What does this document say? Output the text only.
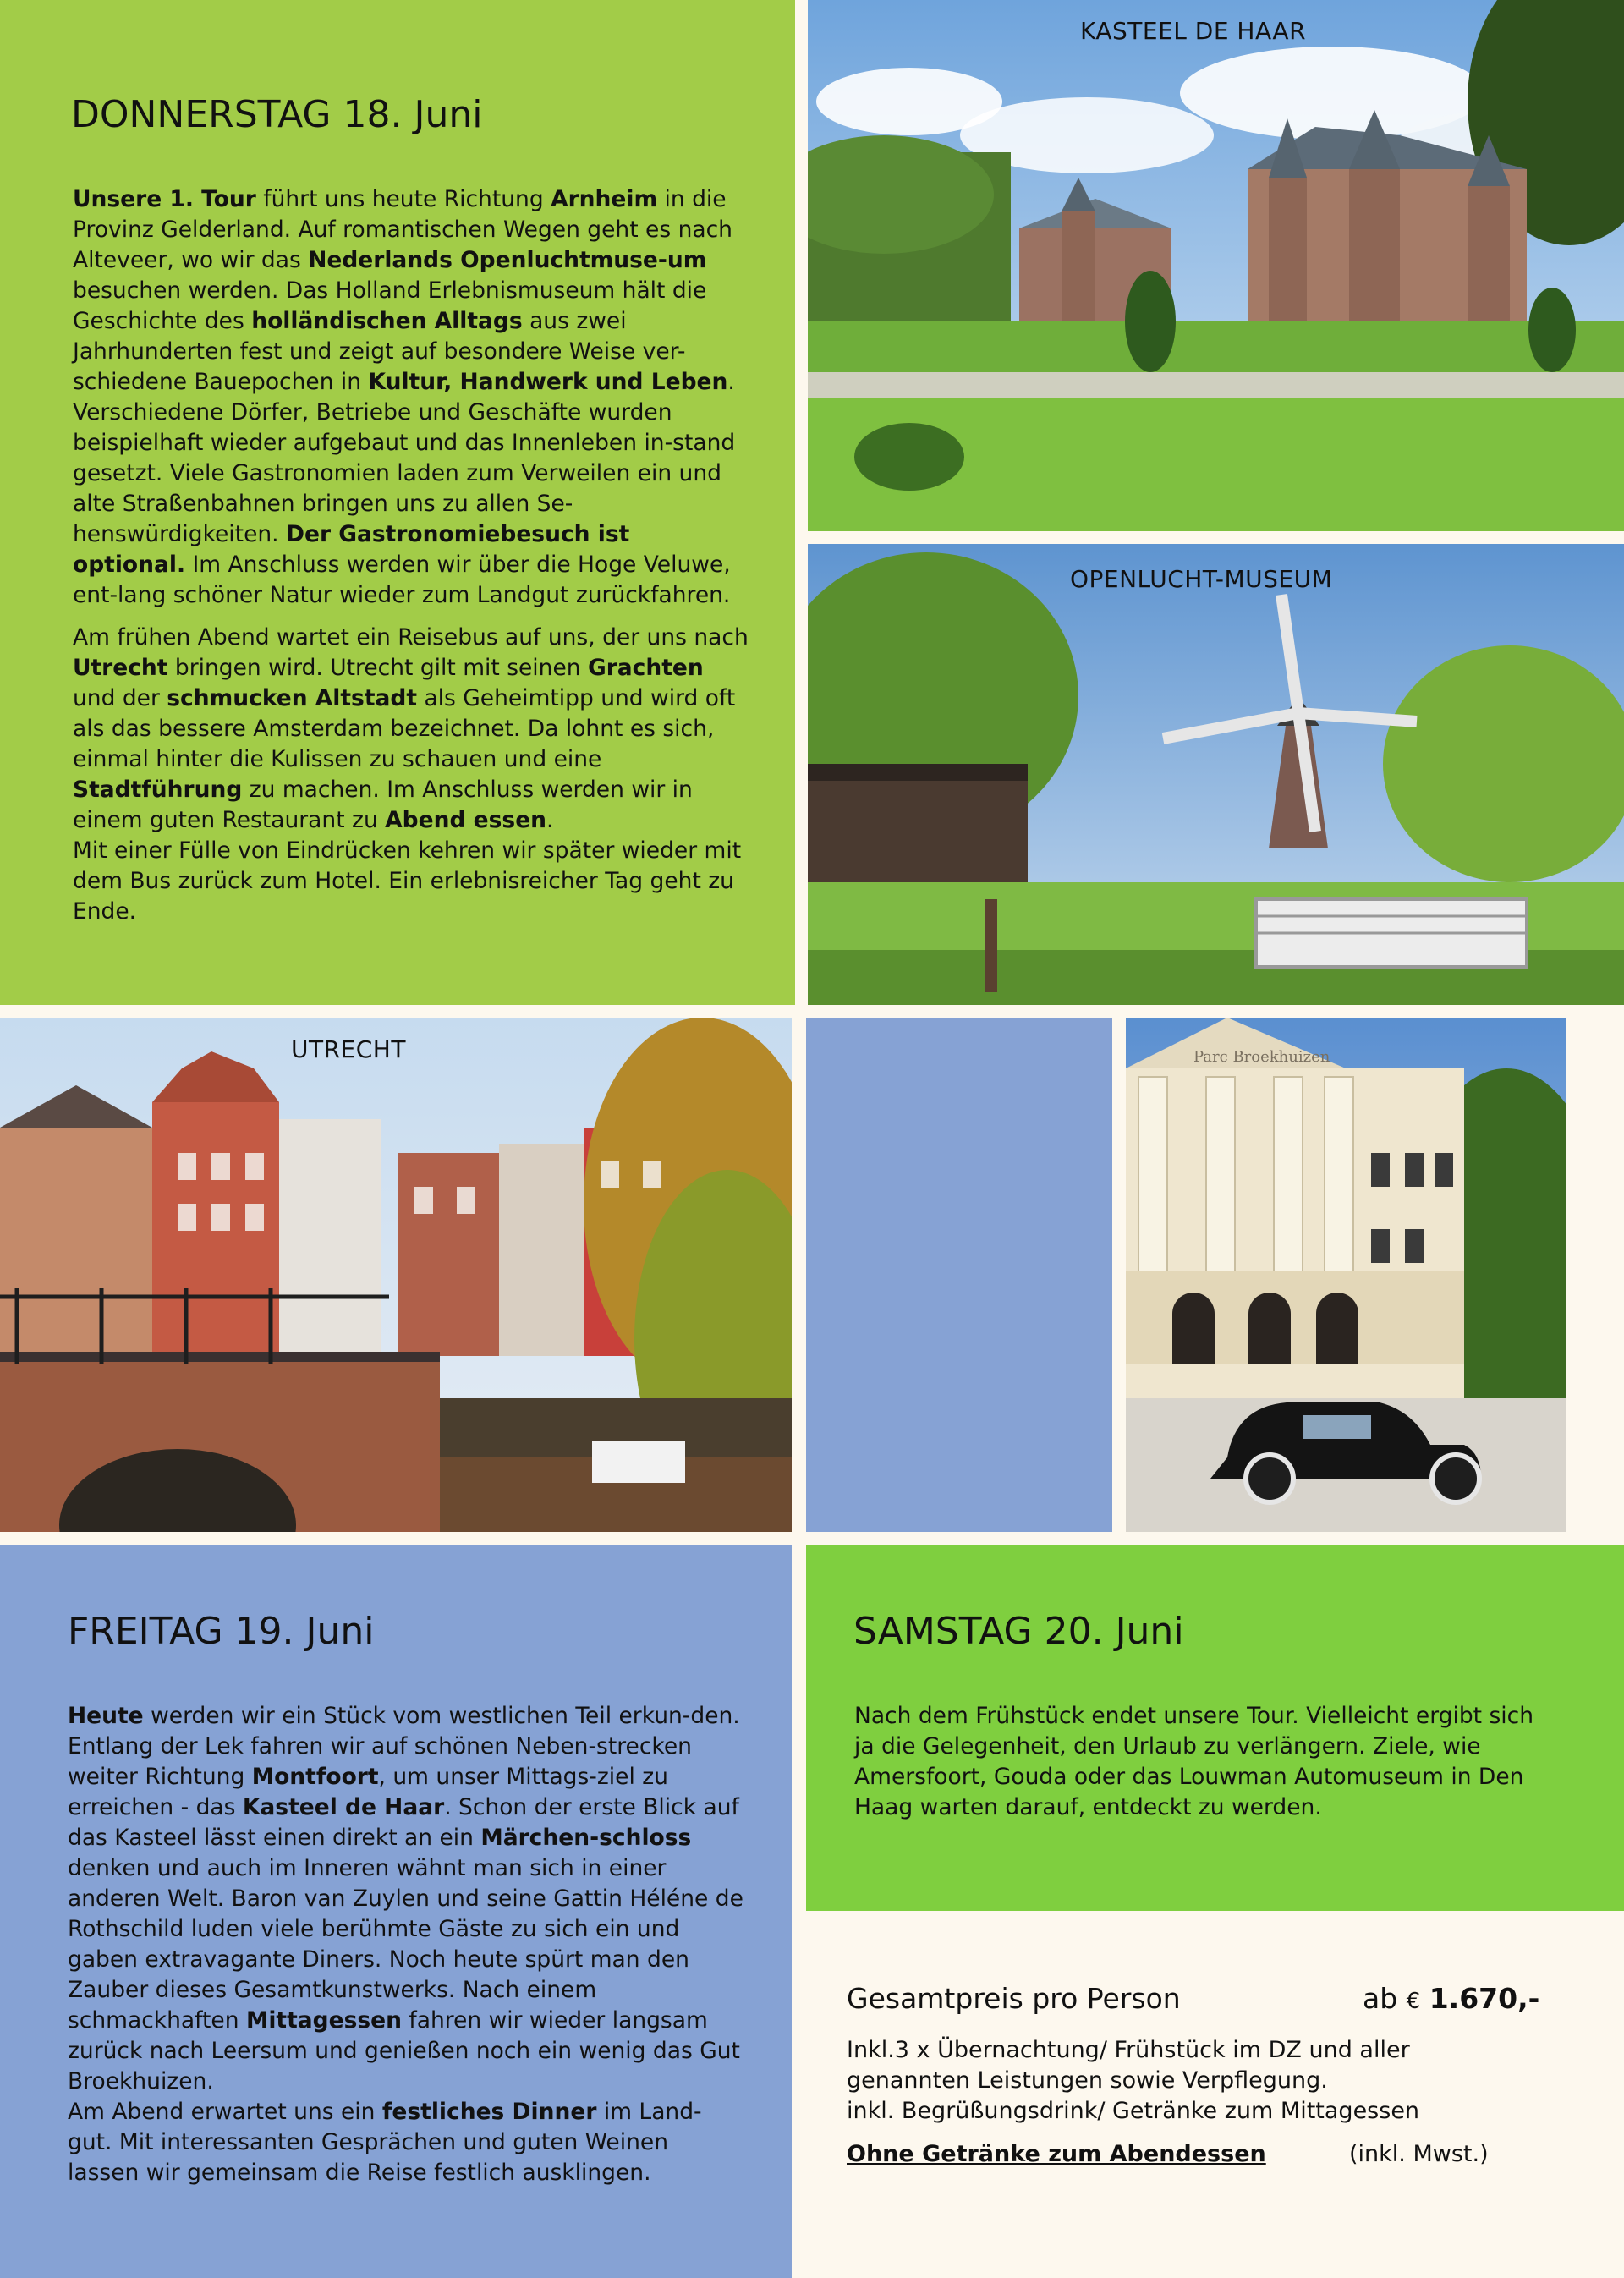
DONNERSTAG 18. Juni

Unsere 1. Tour führt uns heute Richtung Arnheim in die Provinz Gelderland. Auf romantischen Wegen geht es nach Alteveer, wo wir das Nederlands Openluchtmuse-um besuchen werden. Das Holland Erlebnismuseum hält die Geschichte des holländischen Alltags aus zwei Jahrhunderten fest und zeigt auf besondere Weise ver-schiedene Bauepochen in Kultur, Handwerk und Leben. Verschiedene Dörfer, Betriebe und Geschäfte wurden beispielhaft wieder aufgebaut und das Innenleben in-stand gesetzt. Viele Gastronomien laden zum Verweilen ein und alte Straßenbahnen bringen uns zu allen Se-henswürdigkeiten. Der Gastronomiebesuch ist optional. Im Anschluss werden wir über die Hoge Veluwe, ent-lang schöner Natur wieder zum Landgut zurückfahren.

Am frühen Abend wartet ein Reisebus auf uns, der uns nach Utrecht bringen wird. Utrecht gilt mit seinen Grachten und der schmucken Altstadt als Geheimtipp und wird oft als das bessere Amsterdam bezeichnet. Da lohnt es sich, einmal hinter die Kulissen zu schauen und eine Stadtführung zu machen. Im Anschluss werden wir in einem guten Restaurant zu Abend essen.
Mit einer Fülle von Eindrücken kehren wir später wieder mit dem Bus zurück zum Hotel. Ein erlebnisreicher Tag geht zu Ende.

KASTEEL DE HAAR
OPENLUCHT-MUSEUM
UTRECHT	Parc Broekhuizen
FREITAG 19. Juni
Heute werden wir ein Stück vom westlichen Teil erkun-den. Entlang der Lek fahren wir auf schönen Neben-strecken weiter Richtung Montfoort, um unser Mittags-ziel zu erreichen - das Kasteel de Haar. Schon der erste Blick auf das Kasteel lässt einen direkt an ein Märchen-schloss denken und auch im Inneren wähnt man sich in einer anderen Welt. Baron van Zuylen und seine Gattin Héléne de Rothschild luden viele berühmte Gäste zu sich ein und gaben extravagante Diners. Noch heute spürt man den Zauber dieses Gesamtkunstwerks. Nach einem schmackhaften Mittagessen fahren wir wieder langsam zurück nach Leersum und genießen noch ein wenig das Gut Broekhuizen.
Am Abend erwartet uns ein festliches Dinner im Land-gut. Mit interessanten Gesprächen und guten Weinen lassen wir gemeinsam die Reise festlich ausklingen.
SAMSTAG 20. Juni
Nach dem Frühstück endet unsere Tour. Vielleicht ergibt sich ja die Gelegenheit, den Urlaub zu verlängern. Ziele, wie Amersfoort, Gouda oder das Louwman Automuseum in Den Haag warten darauf, entdeckt zu werden.
Gesamtpreis pro Person	ab € 1.670,-

Inkl.3 x Übernachtung/ Frühstück im DZ und aller

genannten Leistungen sowie Verpflegung.

inkl. Begrüßungsdrink/ Getränke zum Mittagessen

Ohne Getränke zum Abendessen	(inkl. Mwst.)
